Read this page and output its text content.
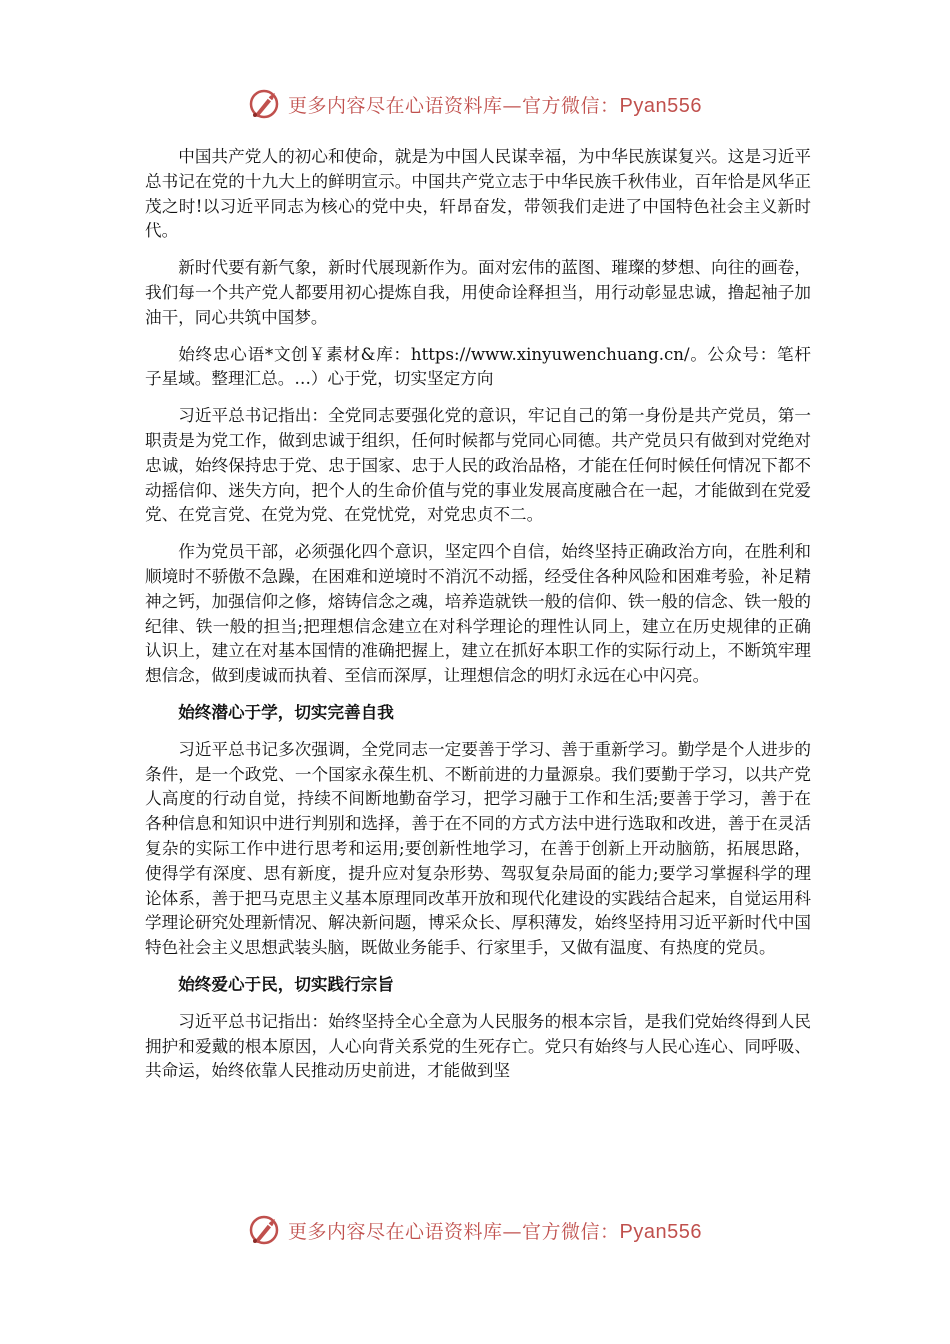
更多内容尽在心语资料库—官方微信：Pyan556

中国共产党人的初心和使命，就是为中国人民谋幸福，为中华民族谋复兴。这是习近平总书记在党的十九大上的鲜明宣示。中国共产党立志于中华民族千秋伟业，百年恰是风华正茂之时!以习近平同志为核心的党中央，轩昂奋发，带领我们走进了中国特色社会主义新时代。

新时代要有新气象，新时代展现新作为。面对宏伟的蓝图、璀璨的梦想、向往的画卷，我们每一个共产党人都要用初心提炼自我，用使命诠释担当，用行动彰显忠诚，撸起袖子加油干，同心共筑中国梦。

始终忠心语*文创￥素材&库：https://www.xinyuwenchuang.cn/。公众号：笔杆子星域。整理汇总。…）心于党，切实坚定方向

习近平总书记指出：全党同志要强化党的意识，牢记自己的第一身份是共产党员，第一职责是为党工作，做到忠诚于组织，任何时候都与党同心同德。共产党员只有做到对党绝对忠诚，始终保持忠于党、忠于国家、忠于人民的政治品格，才能在任何时候任何情况下都不动摇信仰、迷失方向，把个人的生命价值与党的事业发展高度融合在一起，才能做到在党爱党、在党言党、在党为党、在党忧党，对党忠贞不二。

作为党员干部，必须强化四个意识，坚定四个自信，始终坚持正确政治方向，在胜利和顺境时不骄傲不急躁，在困难和逆境时不消沉不动摇，经受住各种风险和困难考验，补足精神之钙，加强信仰之修，熔铸信念之魂，培养造就铁一般的信仰、铁一般的信念、铁一般的纪律、铁一般的担当;把理想信念建立在对科学理论的理性认同上，建立在历史规律的正确认识上，建立在对基本国情的准确把握上，建立在抓好本职工作的实际行动上，不断筑牢理想信念，做到虔诚而执着、至信而深厚，让理想信念的明灯永远在心中闪亮。

始终潜心于学，切实完善自我

习近平总书记多次强调，全党同志一定要善于学习、善于重新学习。勤学是个人进步的条件，是一个政党、一个国家永葆生机、不断前进的力量源泉。我们要勤于学习，以共产党人高度的行动自觉，持续不间断地勤奋学习，把学习融于工作和生活;要善于学习，善于在各种信息和知识中进行判别和选择，善于在不同的方式方法中进行选取和改进，善于在灵活复杂的实际工作中进行思考和运用;要创新性地学习，在善于创新上开动脑筋，拓展思路，使得学有深度、思有新度，提升应对复杂形势、驾驭复杂局面的能力;要学习掌握科学的理论体系，善于把马克思主义基本原理同改革开放和现代化建设的实践结合起来，自觉运用科学理论研究处理新情况、解决新问题，博采众长、厚积薄发，始终坚持用习近平新时代中国特色社会主义思想武装头脑，既做业务能手、行家里手，又做有温度、有热度的党员。

始终爱心于民，切实践行宗旨

习近平总书记指出：始终坚持全心全意为人民服务的根本宗旨，是我们党始终得到人民拥护和爱戴的根本原因，人心向背关系党的生死存亡。党只有始终与人民心连心、同呼吸、共命运，始终依靠人民推动历史前进，才能做到坚

更多内容尽在心语资料库—官方微信：Pyan556
